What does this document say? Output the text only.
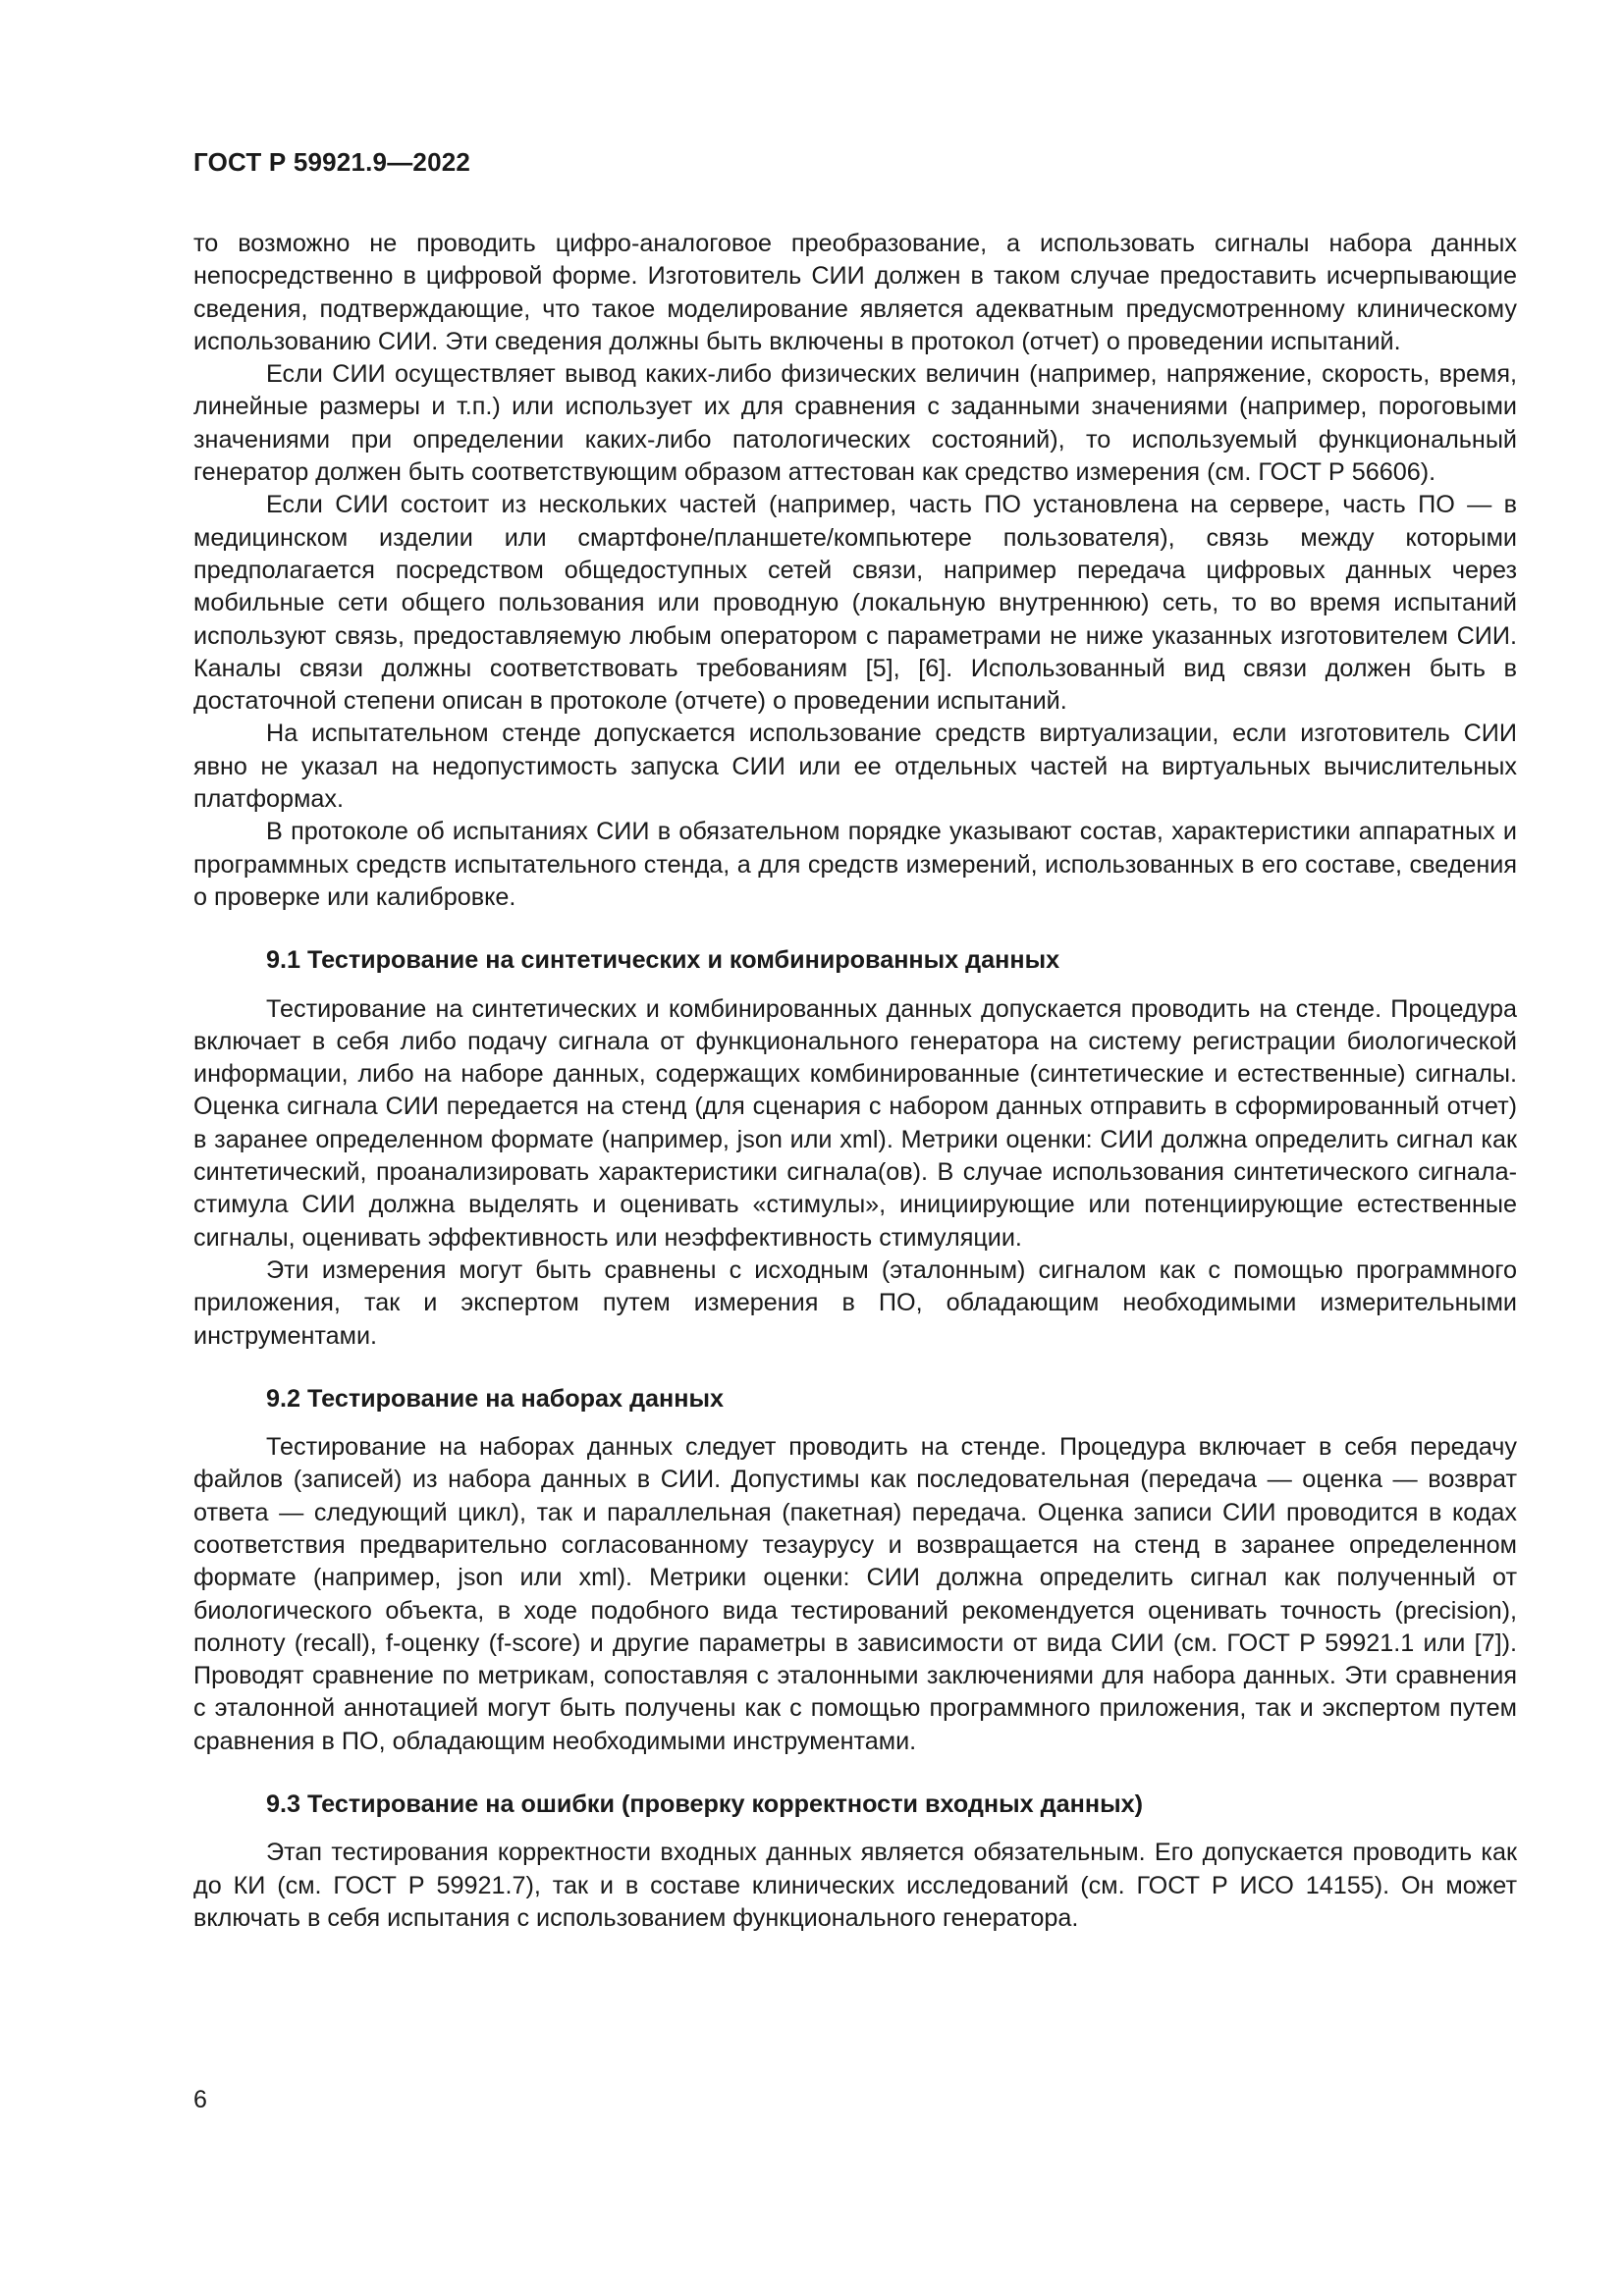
ГОСТ Р 59921.9—2022

то возможно не проводить цифро-аналоговое преобразование, а использовать сигналы набора данных непосредственно в цифровой форме. Изготовитель СИИ должен в таком случае предоставить исчерпывающие сведения, подтверждающие, что такое моделирование является адекватным предусмотренному клиническому использованию СИИ. Эти сведения должны быть включены в протокол (отчет) о проведении испытаний.

Если СИИ осуществляет вывод каких-либо физических величин (например, напряжение, скорость, время, линейные размеры и т.п.) или использует их для сравнения с заданными значениями (например, пороговыми значениями при определении каких-либо патологических состояний), то используемый функциональный генератор должен быть соответствующим образом аттестован как средство измерения (см. ГОСТ Р 56606).

Если СИИ состоит из нескольких частей (например, часть ПО установлена на сервере, часть ПО — в медицинском изделии или смартфоне/планшете/компьютере пользователя), связь между которыми предполагается посредством общедоступных сетей связи, например передача цифровых данных через мобильные сети общего пользования или проводную (локальную внутреннюю) сеть, то во время испытаний используют связь, предоставляемую любым оператором с параметрами не ниже указанных изготовителем СИИ. Каналы связи должны соответствовать требованиям [5], [6]. Использованный вид связи должен быть в достаточной степени описан в протоколе (отчете) о проведении испытаний.

На испытательном стенде допускается использование средств виртуализации, если изготовитель СИИ явно не указал на недопустимость запуска СИИ или ее отдельных частей на виртуальных вычислительных платформах.

В протоколе об испытаниях СИИ в обязательном порядке указывают состав, характеристики аппаратных и программных средств испытательного стенда, а для средств измерений, использованных в его составе, сведения о проверке или калибровке.

9.1 Тестирование на синтетических и комбинированных данных

Тестирование на синтетических и комбинированных данных допускается проводить на стенде. Процедура включает в себя либо подачу сигнала от функционального генератора на систему регистрации биологической информации, либо на наборе данных, содержащих комбинированные (синтетические и естественные) сигналы. Оценка сигнала СИИ передается на стенд (для сценария с набором данных отправить в сформированный отчет) в заранее определенном формате (например, json или xml). Метрики оценки: СИИ должна определить сигнал как синтетический, проанализировать характеристики сигнала(ов). В случае использования синтетического сигнала-стимула СИИ должна выделять и оценивать «стимулы», инициирующие или потенциирующие естественные сигналы, оценивать эффективность или неэффективность стимуляции.

Эти измерения могут быть сравнены с исходным (эталонным) сигналом как с помощью программного приложения, так и экспертом путем измерения в ПО, обладающим необходимыми измерительными инструментами.

9.2 Тестирование на наборах данных

Тестирование на наборах данных следует проводить на стенде. Процедура включает в себя передачу файлов (записей) из набора данных в СИИ. Допустимы как последовательная (передача — оценка — возврат ответа — следующий цикл), так и параллельная (пакетная) передача. Оценка записи СИИ проводится в кодах соответствия предварительно согласованному тезаурусу и возвращается на стенд в заранее определенном формате (например, json или xml). Метрики оценки: СИИ должна определить сигнал как полученный от биологического объекта, в ходе подобного вида тестирований рекомендуется оценивать точность (precision), полноту (recall), f-оценку (f-score) и другие параметры в зависимости от вида СИИ (см. ГОСТ Р 59921.1 или [7]). Проводят сравнение по метрикам, сопоставляя с эталонными заключениями для набора данных. Эти сравнения с эталонной аннотацией могут быть получены как с помощью программного приложения, так и экспертом путем сравнения в ПО, обладающим необходимыми инструментами.

9.3 Тестирование на ошибки (проверку корректности входных данных)

Этап тестирования корректности входных данных является обязательным. Его допускается проводить как до КИ (см. ГОСТ Р 59921.7), так и в составе клинических исследований (см. ГОСТ Р ИСО 14155). Он может включать в себя испытания с использованием функционального генератора.

6
